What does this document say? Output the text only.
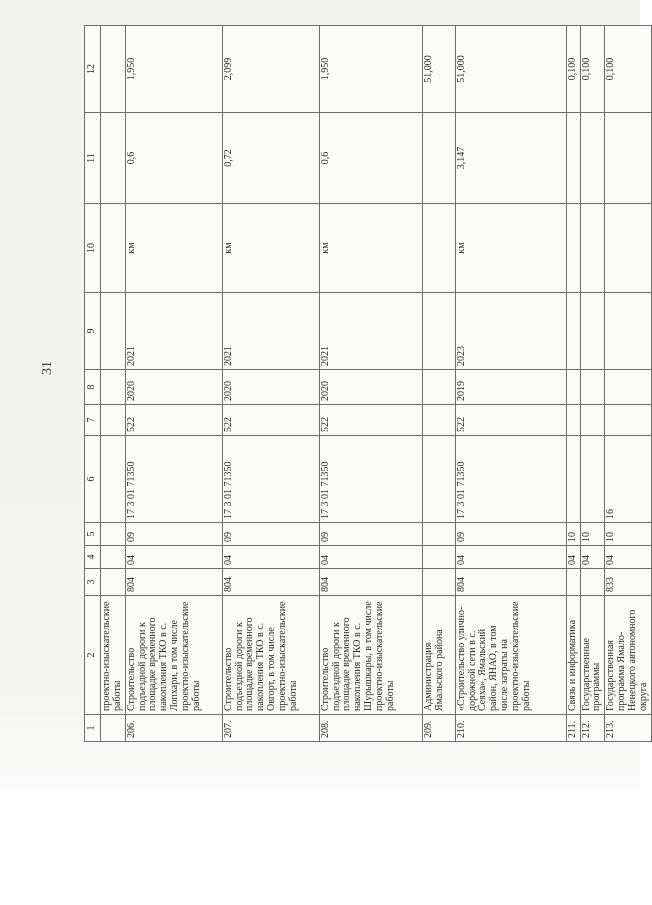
31
1	2	3	4	5	6	7	8	9	10	11	12
	проектно-изыскательские работы										
206.	Строительство подъездной дороги к площадке временного накопления ТКО в с. Лопхари, в том числе проектно-изыскательские работы	804	04	09	17 3 01 71350	522	2020	2021	км	0,6	1,950
207.	Строительство подъездной дороги к площадке временного накопления ТКО в с. Овгорт, в том числе проектно-изыскательские работы	804	04	09	17 3 01 71350	522	2020	2021	км	0,72	2,099
208.	Строительство подъездной дороги к площадке временного накопления ТКО в с. Шурышкары, в том числе проектно-изыскательские работы	804	04	09	17 3 01 71350	522	2020	2021	км	0,6	1,950
209.	Администрация Ямальского района										51,000
210.	«Строительство улично-дорожной сети в с. Сеяха», Ямальский район, ЯНАО, в том числе затраты на проектно-изыскательские работы	804	04	09	17 3 01 71350	522	2019	2023	км	3,147	51,000
211.	Связь и информатика		04	10							0,100
212.	Государственные программы		04	10							0,100
213.	Государственная программа Ямало-Ненецкого автономного округа	833	04	10	16						0,100
